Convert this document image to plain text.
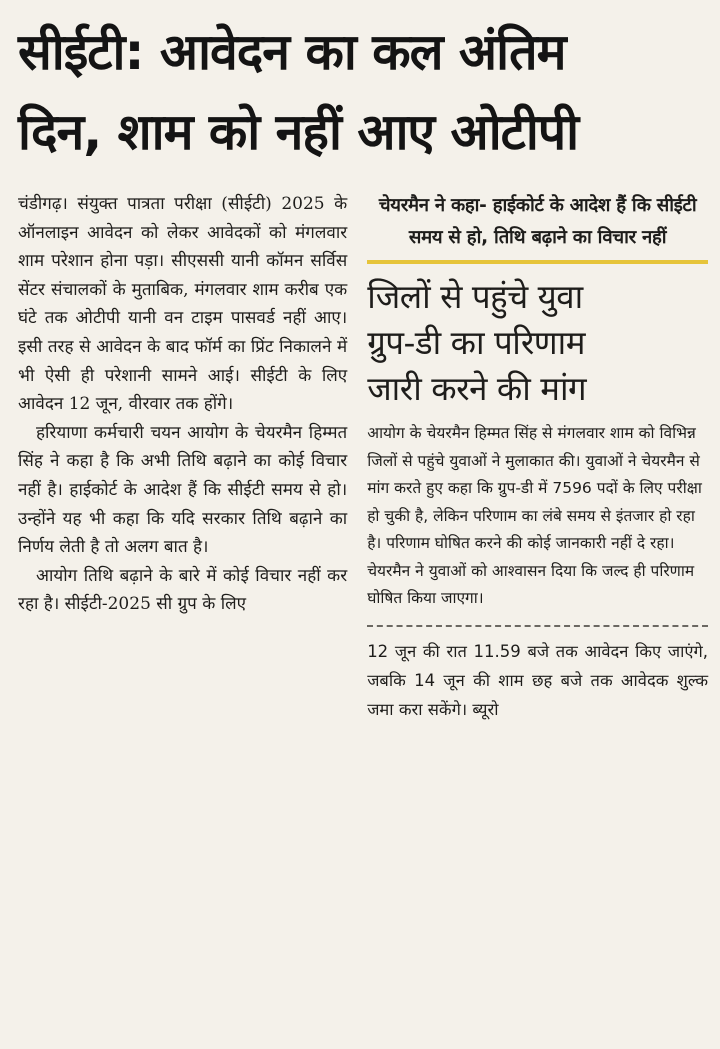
सीईटी: आवेदन का कल अंतिम
दिन, शाम को नहीं आए ओटीपी

चंडीगढ़। संयुक्त पात्रता परीक्षा (सीईटी) 2025 के ऑनलाइन आवेदन को लेकर आवेदकों को मंगलवार शाम परेशान होना पड़ा। सीएससी यानी कॉमन सर्विस सेंटर संचालकों के मुताबिक, मंगलवार शाम करीब एक घंटे तक ओटीपी यानी वन टाइम पासवर्ड नहीं आए। इसी तरह से आवेदन के बाद फॉर्म का प्रिंट निकालने में भी ऐसी ही परेशानी सामने आई। सीईटी के लिए आवेदन 12 जून, वीरवार तक होंगे।

हरियाणा कर्मचारी चयन आयोग के चेयरमैन हिम्मत सिंह ने कहा है कि अभी तिथि बढ़ाने का कोई विचार नहीं है। हाईकोर्ट के आदेश हैं कि सीईटी समय से हो। उन्होंने यह भी कहा कि यदि सरकार तिथि बढ़ाने का निर्णय लेती है तो अलग बात है।

आयोग तिथि बढ़ाने के बारे में कोई विचार नहीं कर रहा है। सीईटी-2025 सी ग्रुप के लिए

चेयरमैन ने कहा- हाईकोर्ट के आदेश हैं कि सीईटी समय से हो, तिथि बढ़ाने का विचार नहीं

जिलों से पहुंचे युवा
ग्रुप-डी का परिणाम
जारी करने की मांग

आयोग के चेयरमैन हिम्मत सिंह से मंगलवार शाम को विभिन्न जिलों से पहुंचे युवाओं ने मुलाकात की। युवाओं ने चेयरमैन से मांग करते हुए कहा कि ग्रुप-डी में 7596 पदों के लिए परीक्षा हो चुकी है, लेकिन परिणाम का लंबे समय से इंतजार हो रहा है। परिणाम घोषित करने की कोई जानकारी नहीं दे रहा। चेयरमैन ने युवाओं को आश्वासन दिया कि जल्द ही परिणाम घोषित किया जाएगा।

12 जून की रात 11.59 बजे तक आवेदन किए जाएंगे, जबकि 14 जून की शाम छह बजे तक आवेदक शुल्क जमा करा सकेंगे। ब्यूरो
